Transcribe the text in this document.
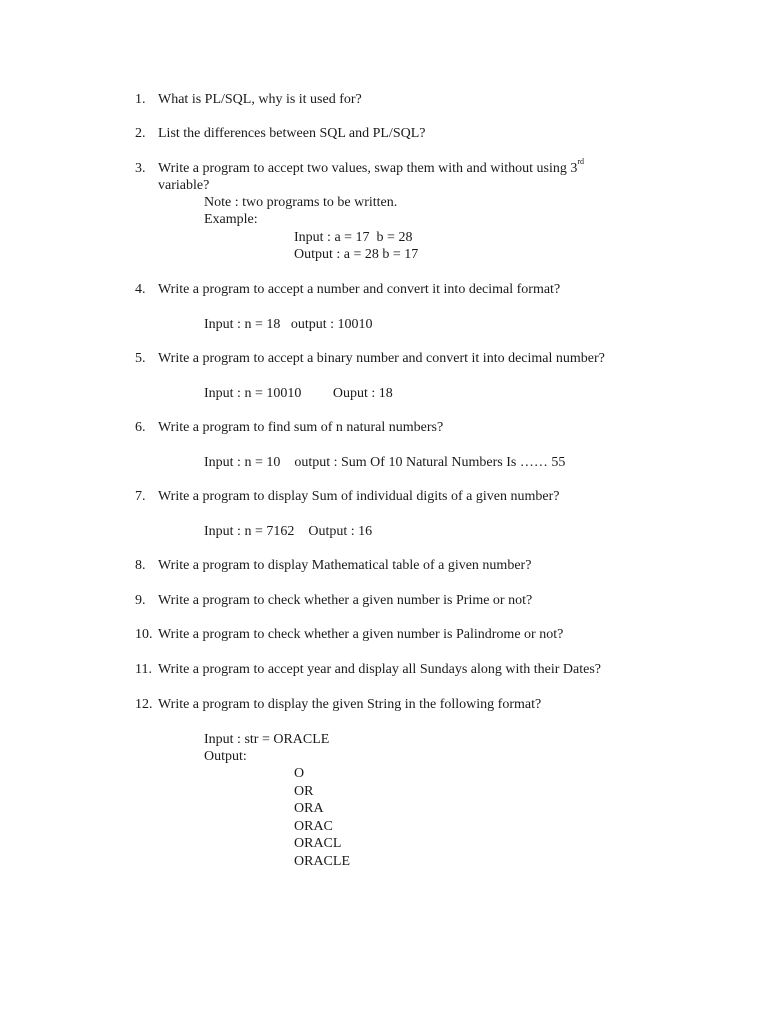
1. What is PL/SQL, why is it used for?
2. List the differences between SQL and PL/SQL?
3. Write a program to accept two values, swap them with and without using 3rd
variable?
Note : two programs to be written.
Example:
Input : a = 17  b = 28
Output : a = 28 b = 17
4. Write a program to accept a number and convert it into decimal format?
Input : n = 18   output : 10010
5. Write a program to accept a binary number and convert it into decimal number?
Input : n = 10010         Ouput : 18
6. Write a program to find sum of n natural numbers?
Input : n = 10    output : Sum Of 10 Natural Numbers Is …… 55
7. Write a program to display Sum of individual digits of a given number?
Input : n = 7162    Output : 16
8. Write a program to display Mathematical table of a given number?
9. Write a program to check whether a given number is Prime or not?
10. Write a program to check whether a given number is Palindrome or not?
11. Write a program to accept year and display all Sundays along with their Dates?
12. Write a program to display the given String in the following format?
Input : str = ORACLE
Output:
O
OR
ORA
ORAC
ORACL
ORACLE
